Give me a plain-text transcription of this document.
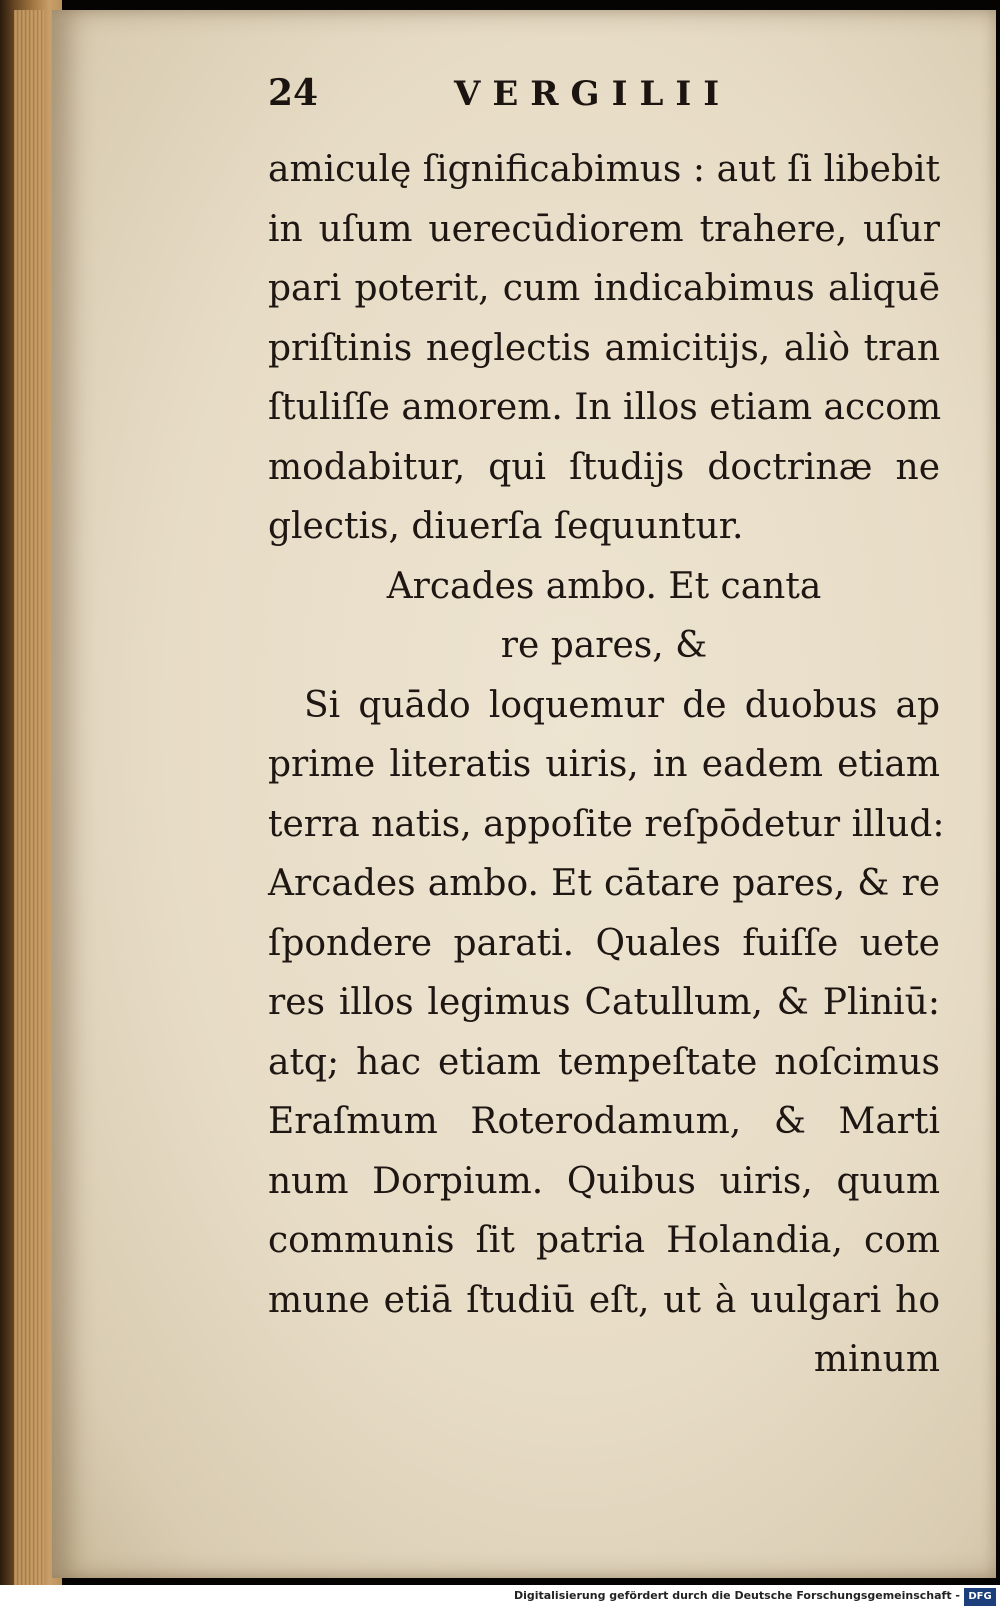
24	VERGILII
amiculę ſignificabimus : aut ſi libebit
in uſum uerecūdiorem trahere, uſur
pari poterit, cum indicabimus aliquē
priſtinis neglectis amicitijs, aliò tran
ſtuliſſe amorem. In illos etiam accom
modabitur, qui ſtudijs doctrinæ ne
glectis, diuerſa ſequuntur.
Arcades ambo. Et canta
re pares, &
Si quādo loquemur de duobus ap
prime literatis uiris, in eadem etiam
terra natis, appoſite reſpōdetur illud:
Arcades ambo. Et cātare pares, & re
ſpondere parati. Quales fuiſſe uete
res illos legimus Catullum, & Pliniū:
atq; hac etiam tempeſtate noſcimus
Eraſmum Roterodamum, & Marti
num Dorpium. Quibus uiris, quum
communis ſit patria Holandia, com
mune etiā ſtudiū eſt, ut à uulgari ho
minum
Digitalisierung gefördert durch die Deutsche Forschungsgemeinschaft - DFG
